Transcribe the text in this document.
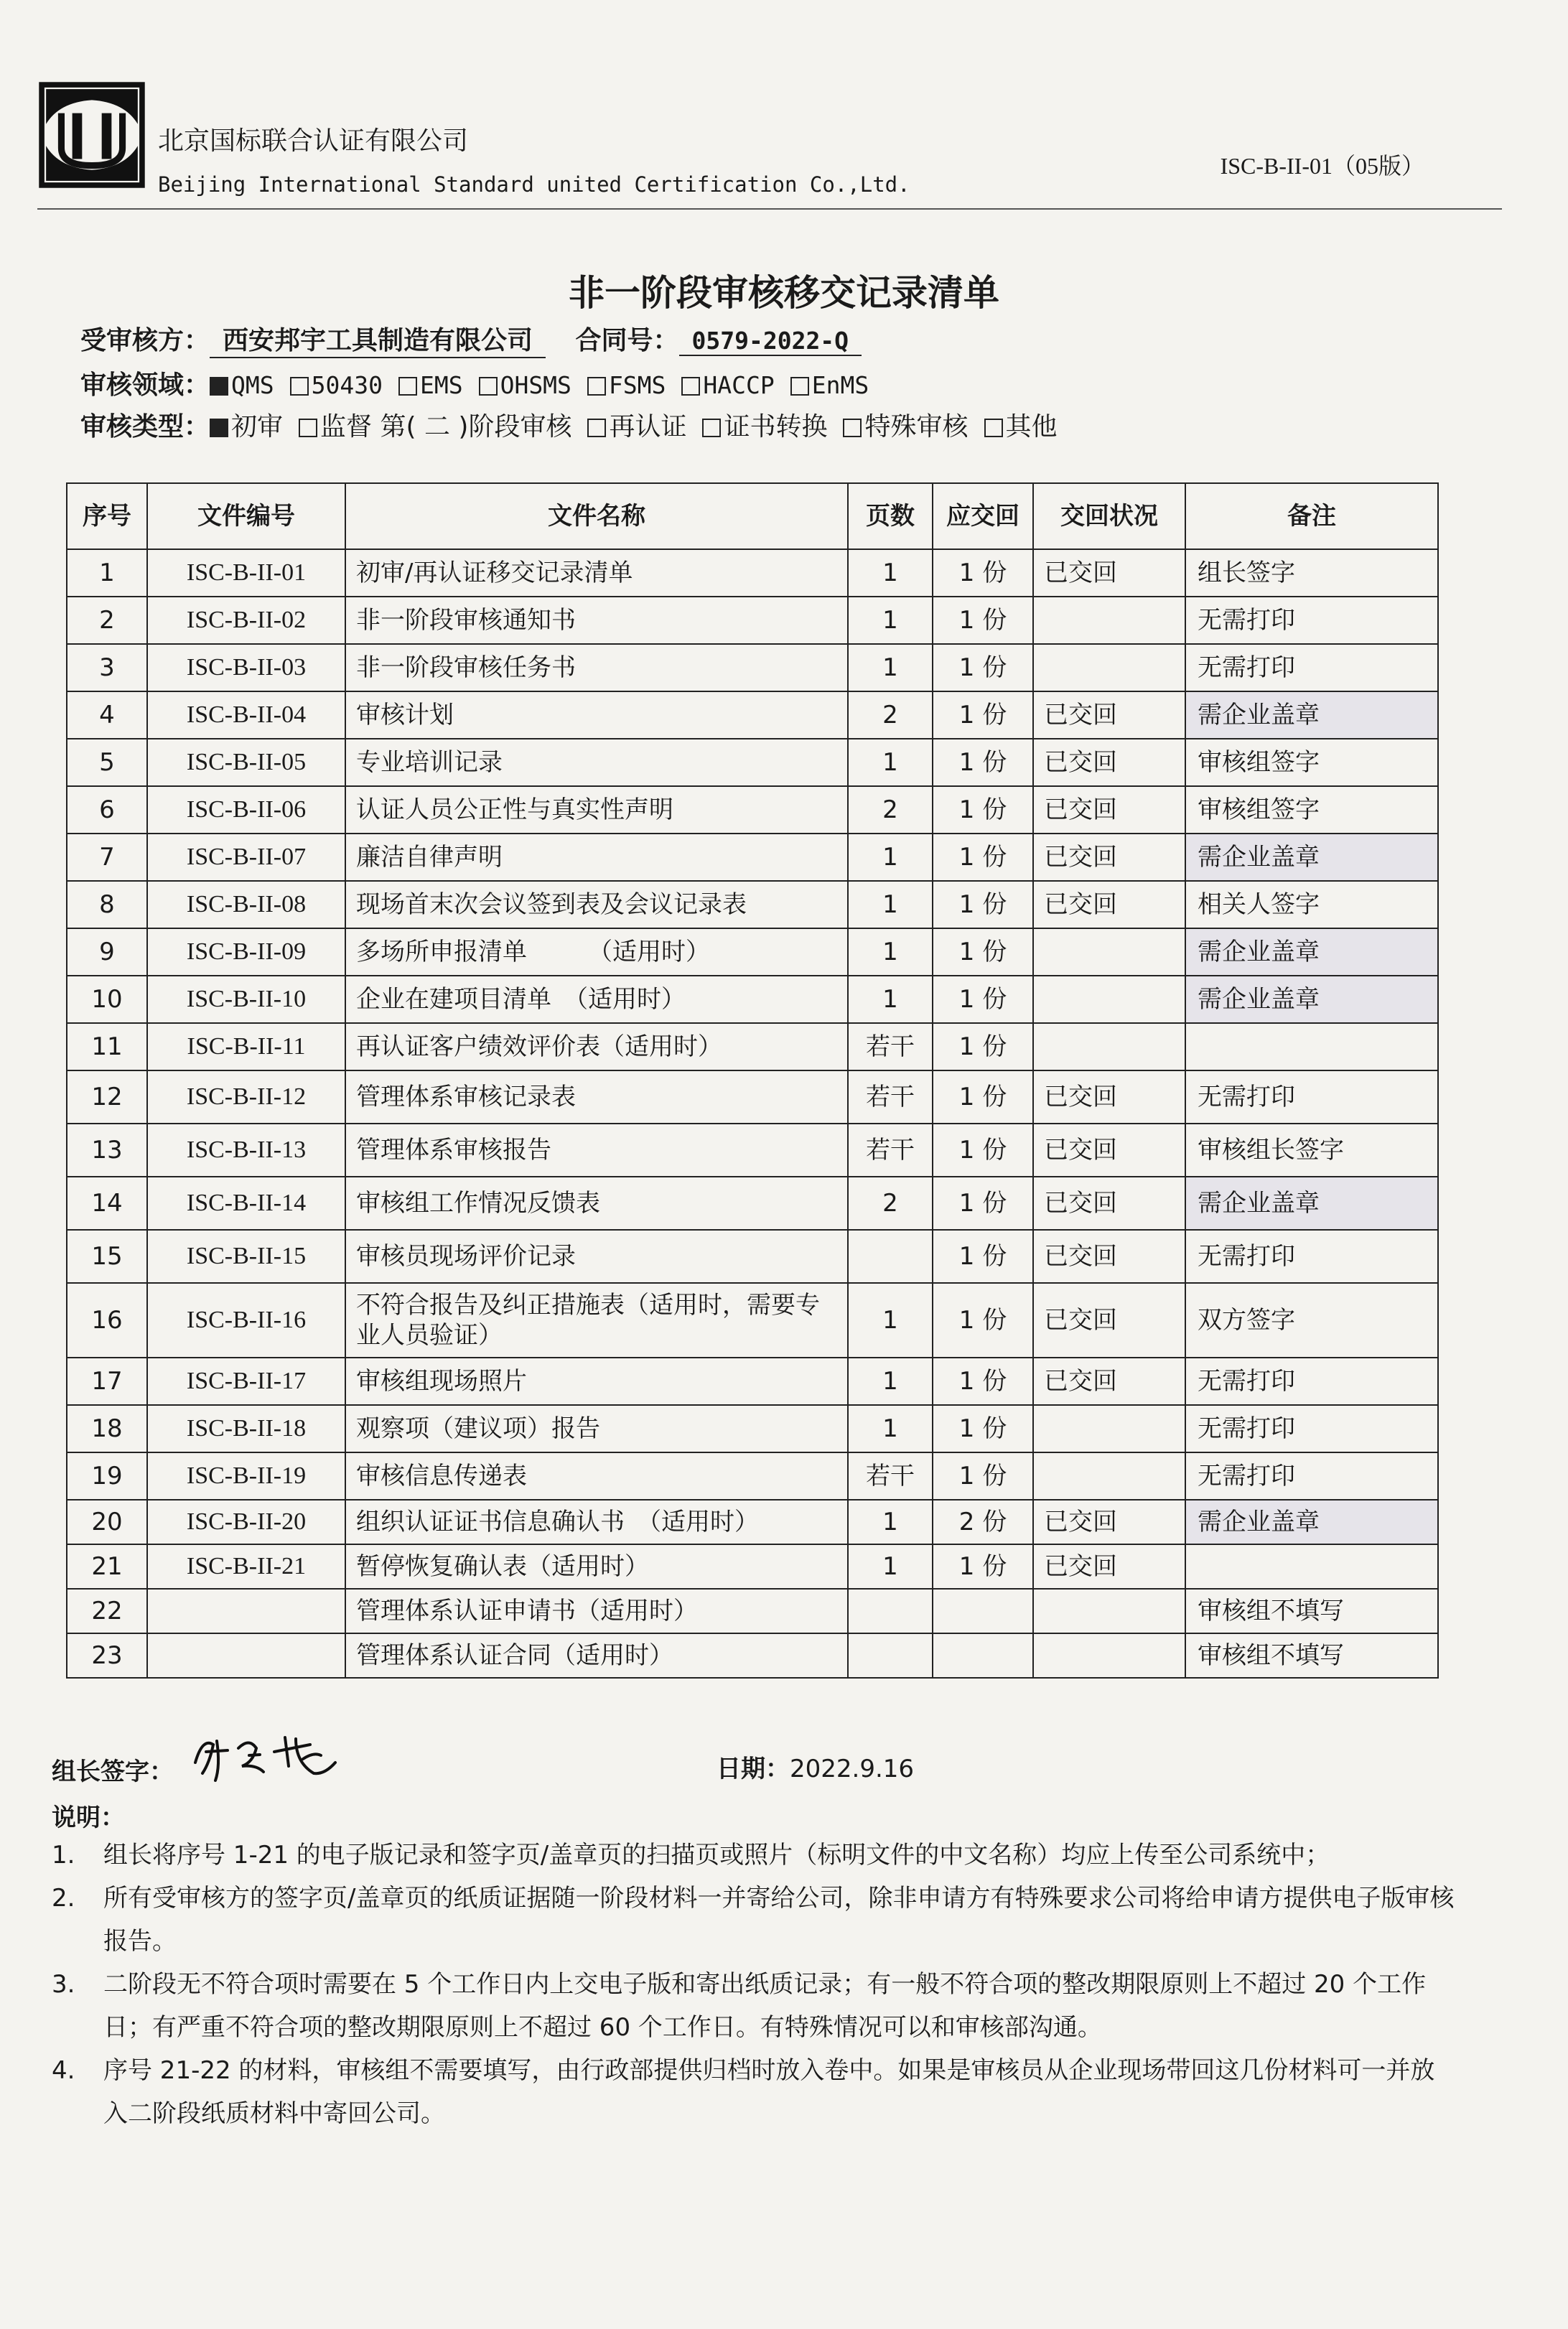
北京国标联合认证有限公司
Beijing International Standard united Certification Co.,Ltd.
ISC-B-II-01（05版）
非一阶段审核移交记录清单
受审核方： 西安邦宇工具制造有限公司 合同号： 0579-2022-Q
审核领域： QMS 50430 EMS OHSMS FSMS HACCP EnMS
审核类型： 初审 监督 第( 二 )阶段审核 再认证 证书转换 特殊审核 其他
序号	文件编号	文件名称	页数	应交回	交回状况	备注
1	ISC-B-II-01	初审/再认证移交记录清单	1	1 份	已交回	组长签字
2	ISC-B-II-02	非一阶段审核通知书	1	1 份		无需打印
3	ISC-B-II-03	非一阶段审核任务书	1	1 份		无需打印
4	ISC-B-II-04	审核计划	2	1 份	已交回	需企业盖章
5	ISC-B-II-05	专业培训记录	1	1 份	已交回	审核组签字
6	ISC-B-II-06	认证人员公正性与真实性声明	2	1 份	已交回	审核组签字
7	ISC-B-II-07	廉洁自律声明	1	1 份	已交回	需企业盖章
8	ISC-B-II-08	现场首末次会议签到表及会议记录表	1	1 份	已交回	相关人签字
9	ISC-B-II-09	多场所申报清单　　　（适用时）	1	1 份		需企业盖章
10	ISC-B-II-10	企业在建项目清单　（适用时）	1	1 份		需企业盖章
11	ISC-B-II-11	再认证客户绩效评价表（适用时）	若干	1 份		
12	ISC-B-II-12	管理体系审核记录表	若干	1 份	已交回	无需打印
13	ISC-B-II-13	管理体系审核报告	若干	1 份	已交回	审核组长签字
14	ISC-B-II-14	审核组工作情况反馈表	2	1 份	已交回	需企业盖章
15	ISC-B-II-15	审核员现场评价记录		1 份	已交回	无需打印
16	ISC-B-II-16	不符合报告及纠正措施表（适用时，需要专业人员验证）	1	1 份	已交回	双方签字
17	ISC-B-II-17	审核组现场照片	1	1 份	已交回	无需打印
18	ISC-B-II-18	观察项（建议项）报告	1	1 份		无需打印
19	ISC-B-II-19	审核信息传递表	若干	1 份		无需打印
20	ISC-B-II-20	组织认证证书信息确认书　（适用时）	1	2 份	已交回	需企业盖章
21	ISC-B-II-21	暂停恢复确认表（适用时）	1	1 份	已交回	
22		管理体系认证申请书（适用时）				审核组不填写
23		管理体系认证合同（适用时）				审核组不填写
组长签字：	日期：2022.9.16
说明：
1. 组长将序号 1-21 的电子版记录和签字页/盖章页的扫描页或照片（标明文件的中文名称）均应上传至公司系统中；
2. 所有受审核方的签字页/盖章页的纸质证据随一阶段材料一并寄给公司，除非申请方有特殊要求公司将给申请方提供电子版审核报告。
3. 二阶段无不符合项时需要在 5 个工作日内上交电子版和寄出纸质记录；有一般不符合项的整改期限原则上不超过 20 个工作日；有严重不符合项的整改期限原则上不超过 60 个工作日。有特殊情况可以和审核部沟通。
4. 序号 21-22 的材料，审核组不需要填写，由行政部提供归档时放入卷中。如果是审核员从企业现场带回这几份材料可一并放入二阶段纸质材料中寄回公司。
